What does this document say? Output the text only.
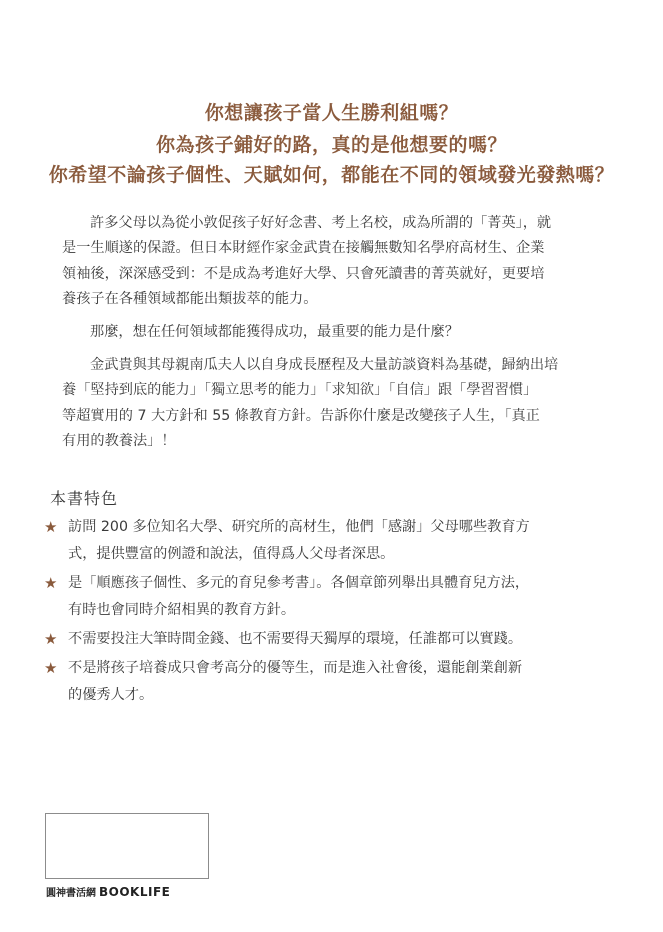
你想讓孩子當人生勝利組嗎？
你為孩子鋪好的路，真的是他想要的嗎？
你希望不論孩子個性、天賦如何，都能在不同的領域發光發熱嗎？

許多父母以為從小敦促孩子好好念書、考上名校，成為所謂的「菁英」，就
是一生順遂的保證。但日本財經作家金武貴在接觸無數知名學府高材生、企業
領袖後，深深感受到：不是成為考進好大學、只會死讀書的菁英就好，更要培
養孩子在各種領域都能出類拔萃的能力。

那麼，想在任何領域都能獲得成功，最重要的能力是什麼？

金武貴與其母親南瓜夫人以自身成長歷程及大量訪談資料為基礎，歸納出培
養「堅持到底的能力」「獨立思考的能力」「求知欲」「自信」跟「學習習慣」
等超實用的 7 大方針和 55 條教育方針。告訴你什麼是改變孩子人生，「真正
有用的教養法」！

本書特色
★ 訪問 200 多位知名大學、研究所的高材生，他們「感謝」父母哪些教育方
式，提供豐富的例證和說法，值得爲人父母者深思。
★ 是「順應孩子個性、多元的育兒參考書」。各個章節列舉出具體育兒方法，
有時也會同時介紹相異的教育方針。
★ 不需要投注大筆時間金錢、也不需要得天獨厚的環境，任誰都可以實踐。
★ 不是將孩子培養成只會考高分的優等生，而是進入社會後，還能創業創新
的優秀人才。
圓神書活網 BOOKLIFE
